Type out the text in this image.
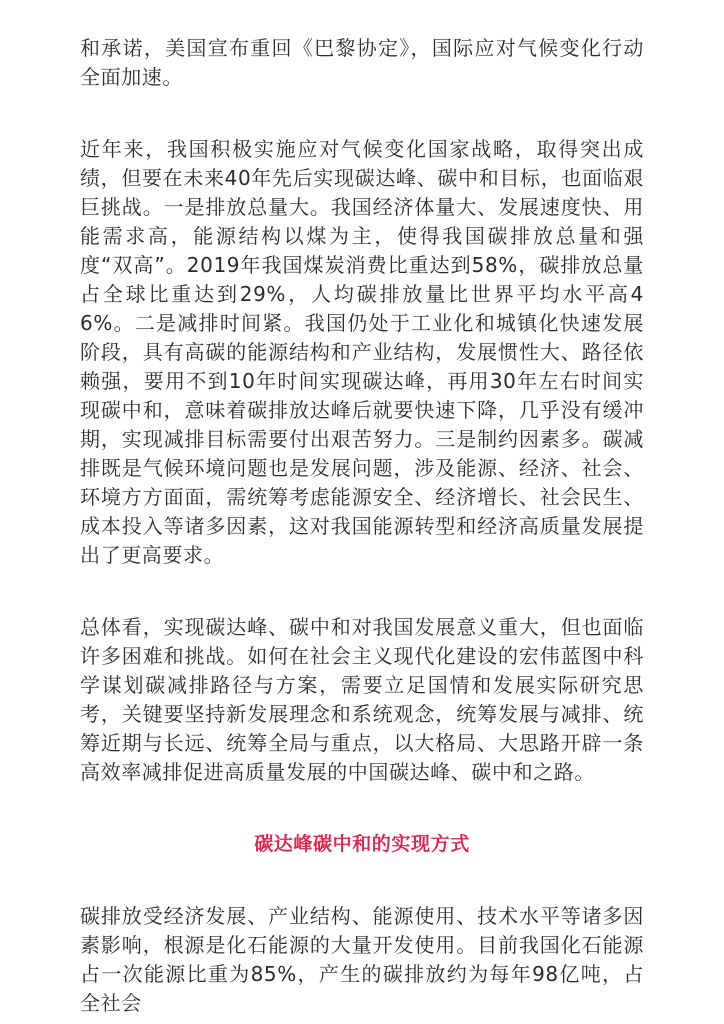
和承诺，美国宣布重回《巴黎协定》，国际应对气候变化行动全面加速。

近年来，我国积极实施应对气候变化国家战略，取得突出成绩，但要在未来40年先后实现碳达峰、碳中和目标，也面临艰巨挑战。一是排放总量大。我国经济体量大、发展速度快、用能需求高，能源结构以煤为主，使得我国碳排放总量和强度“双高”。2019年我国煤炭消费比重达到58%，碳排放总量占全球比重达到29%，人均碳排放量比世界平均水平高46%。二是减排时间紧。我国仍处于工业化和城镇化快速发展阶段，具有高碳的能源结构和产业结构，发展惯性大、路径依赖强，要用不到10年时间实现碳达峰，再用30年左右时间实现碳中和，意味着碳排放达峰后就要快速下降，几乎没有缓冲期，实现减排目标需要付出艰苦努力。三是制约因素多。碳减排既是气候环境问题也是发展问题，涉及能源、经济、社会、环境方方面面，需统筹考虑能源安全、经济增长、社会民生、成本投入等诸多因素，这对我国能源转型和经济高质量发展提出了更高要求。

总体看，实现碳达峰、碳中和对我国发展意义重大，但也面临许多困难和挑战。如何在社会主义现代化建设的宏伟蓝图中科学谋划碳减排路径与方案，需要立足国情和发展实际研究思考，关键要坚持新发展理念和系统观念，统筹发展与减排、统筹近期与长远、统筹全局与重点，以大格局、大思路开辟一条高效率减排促进高质量发展的中国碳达峰、碳中和之路。

碳达峰碳中和的实现方式

碳排放受经济发展、产业结构、能源使用、技术水平等诸多因素影响，根源是化石能源的大量开发使用。目前我国化石能源占一次能源比重为85%，产生的碳排放约为每年98亿吨，占全社会
